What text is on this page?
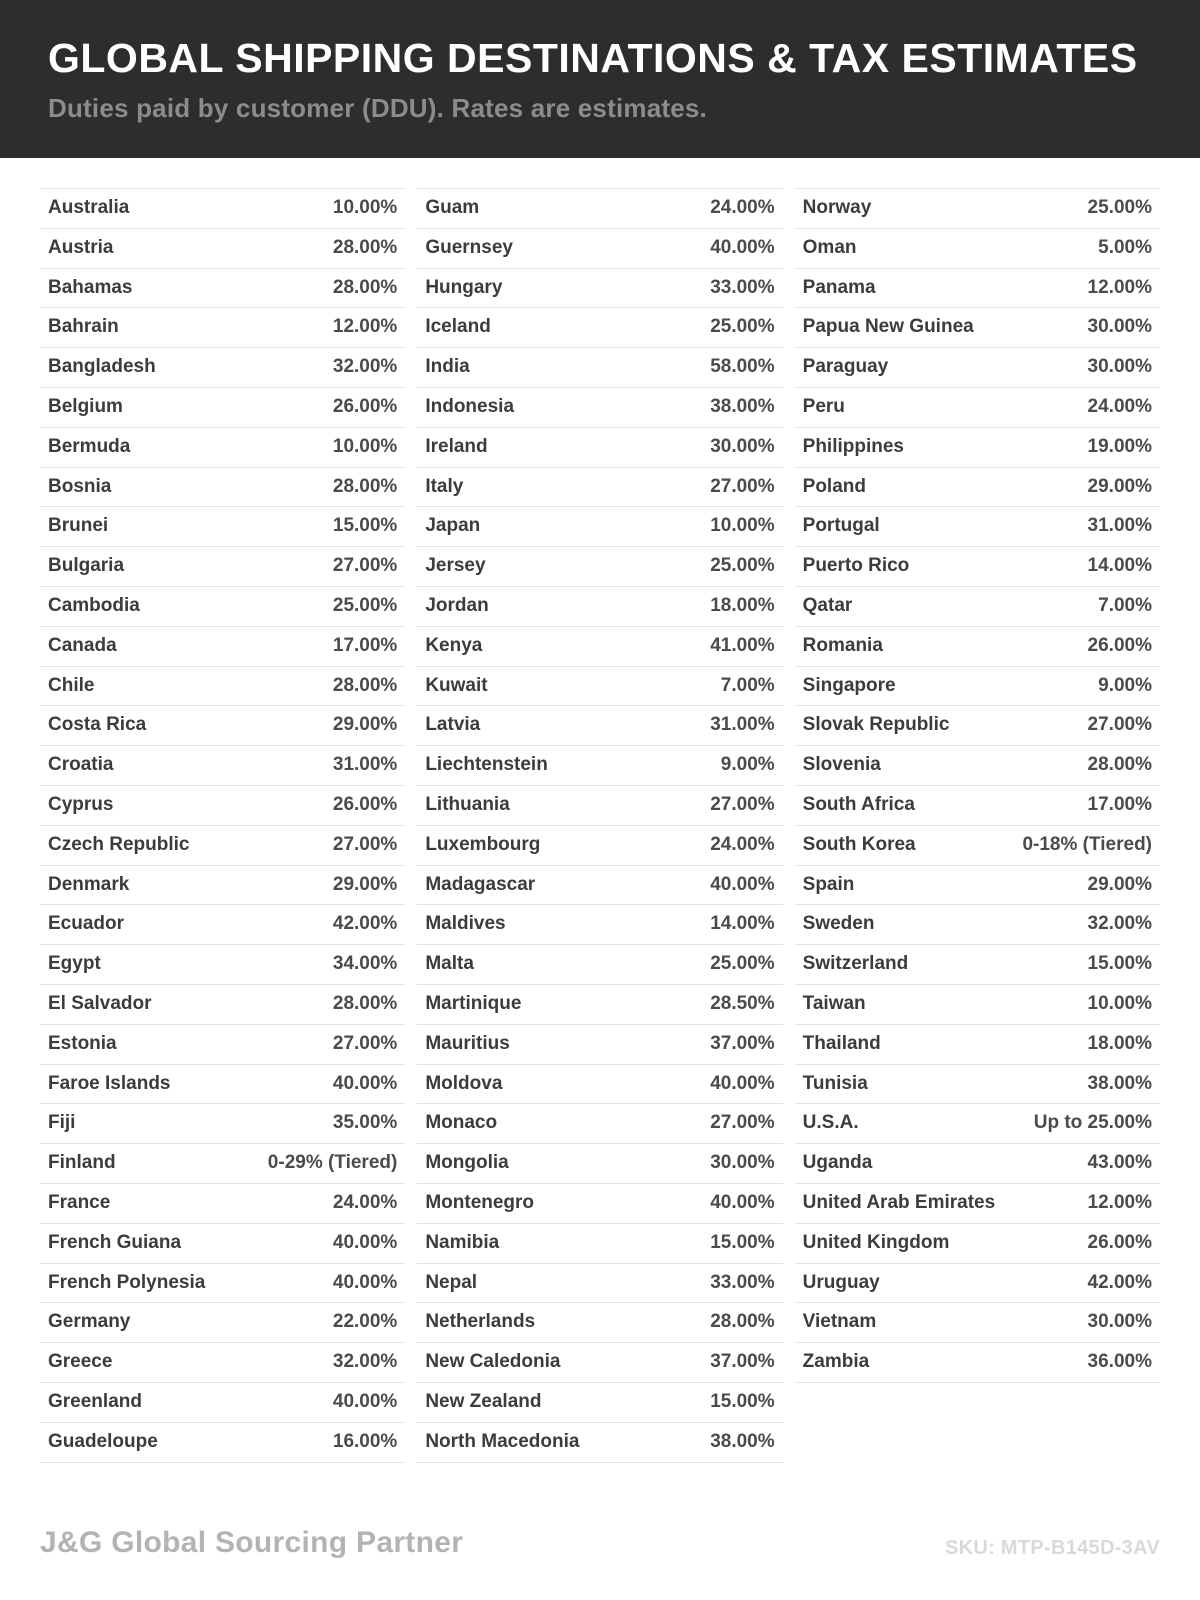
GLOBAL SHIPPING DESTINATIONS & TAX ESTIMATES

Duties paid by customer (DDU). Rates are estimates.

Australia	10.00%
Austria	28.00%
Bahamas	28.00%
Bahrain	12.00%
Bangladesh	32.00%
Belgium	26.00%
Bermuda	10.00%
Bosnia	28.00%
Brunei	15.00%
Bulgaria	27.00%
Cambodia	25.00%
Canada	17.00%
Chile	28.00%
Costa Rica	29.00%
Croatia	31.00%
Cyprus	26.00%
Czech Republic	27.00%
Denmark	29.00%
Ecuador	42.00%
Egypt	34.00%
El Salvador	28.00%
Estonia	27.00%
Faroe Islands	40.00%
Fiji	35.00%
Finland	0-29% (Tiered)
France	24.00%
French Guiana	40.00%
French Polynesia	40.00%
Germany	22.00%
Greece	32.00%
Greenland	40.00%
Guadeloupe	16.00%
Guam	24.00%
Guernsey	40.00%
Hungary	33.00%
Iceland	25.00%
India	58.00%
Indonesia	38.00%
Ireland	30.00%
Italy	27.00%
Japan	10.00%
Jersey	25.00%
Jordan	18.00%
Kenya	41.00%
Kuwait	7.00%
Latvia	31.00%
Liechtenstein	9.00%
Lithuania	27.00%
Luxembourg	24.00%
Madagascar	40.00%
Maldives	14.00%
Malta	25.00%
Martinique	28.50%
Mauritius	37.00%
Moldova	40.00%
Monaco	27.00%
Mongolia	30.00%
Montenegro	40.00%
Namibia	15.00%
Nepal	33.00%
Netherlands	28.00%
New Caledonia	37.00%
New Zealand	15.00%
North Macedonia	38.00%
Norway	25.00%
Oman	5.00%
Panama	12.00%
Papua New Guinea	30.00%
Paraguay	30.00%
Peru	24.00%
Philippines	19.00%
Poland	29.00%
Portugal	31.00%
Puerto Rico	14.00%
Qatar	7.00%
Romania	26.00%
Singapore	9.00%
Slovak Republic	27.00%
Slovenia	28.00%
South Africa	17.00%
South Korea	0-18% (Tiered)
Spain	29.00%
Sweden	32.00%
Switzerland	15.00%
Taiwan	10.00%
Thailand	18.00%
Tunisia	38.00%
U.S.A.	Up to 25.00%
Uganda	43.00%
United Arab Emirates	12.00%
United Kingdom	26.00%
Uruguay	42.00%
Vietnam	30.00%
Zambia	36.00%
J&G Global Sourcing Partner	SKU: MTP-B145D-3AV
